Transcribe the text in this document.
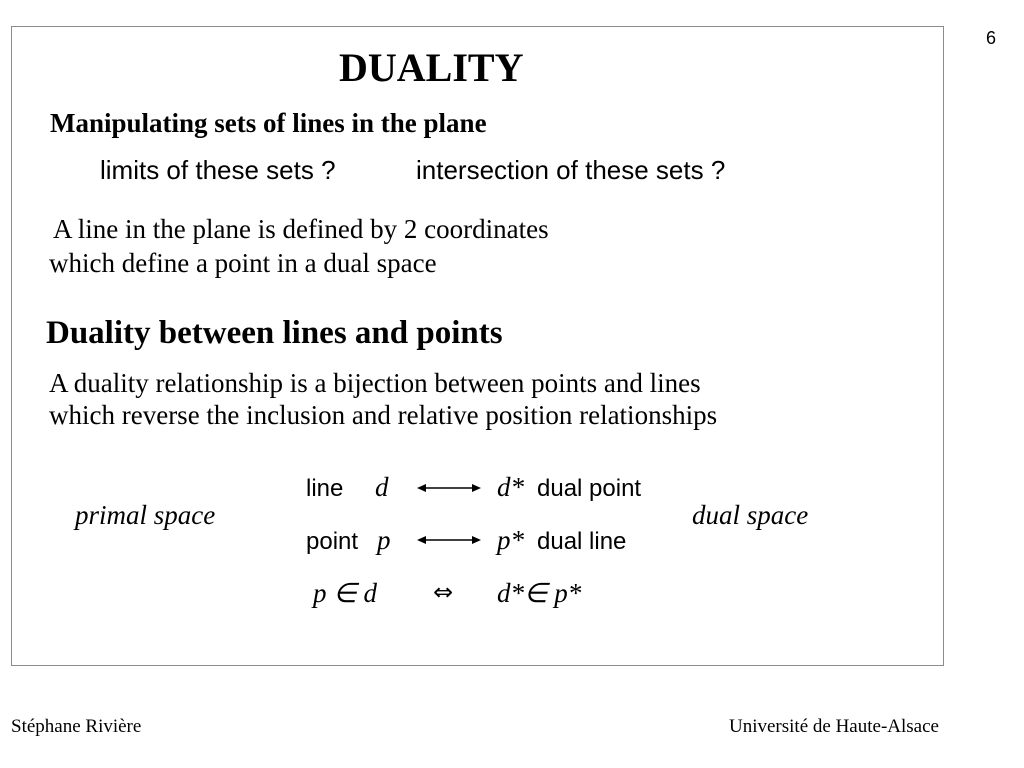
6
DUALITY
Manipulating sets of lines in the plane
limits of these sets ?	intersection of these sets ?
A line in the plane is defined by 2 coordinates
which define a point in a dual space
Duality between lines and points
A duality relationship is a bijection between points and lines
which reverse the inclusion and relative position relationships
primal space	dual space
line d	d* dual point
point p	p* dual line
p ∈ d ⇔ d*∈ p*
Stéphane Rivière	Université de Haute-Alsace
